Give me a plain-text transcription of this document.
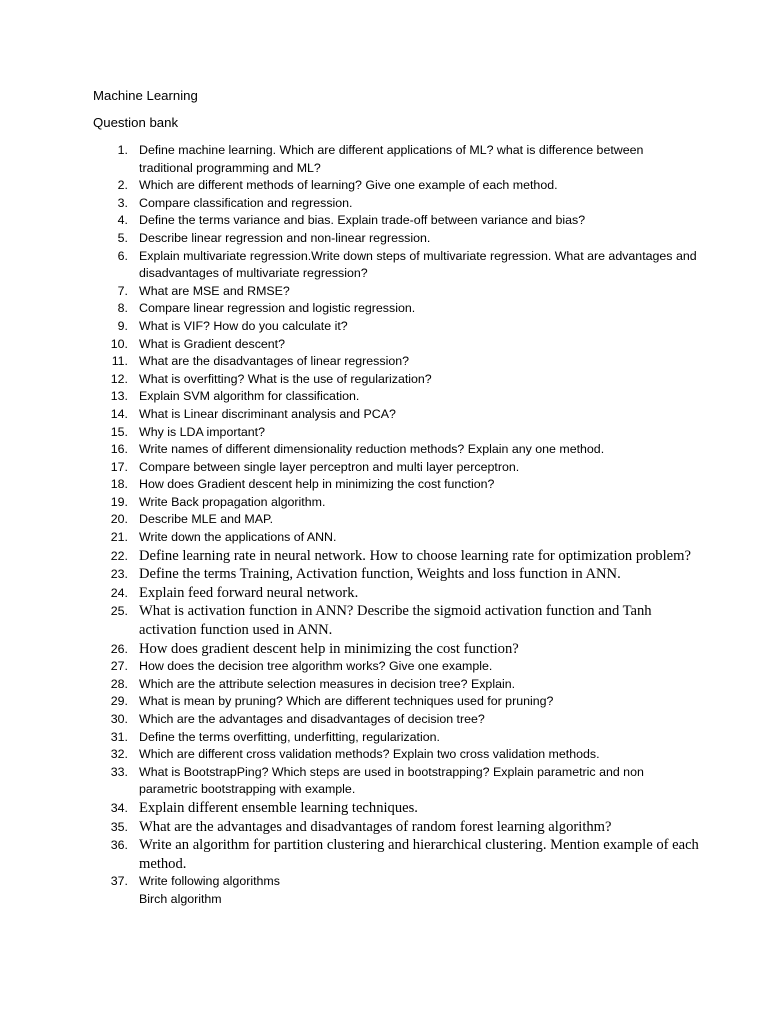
Machine Learning
Question bank
1. Define machine learning. Which are different applications of ML? what is difference between traditional programming and ML?
2. Which are different methods of learning? Give one example of each method.
3. Compare classification and regression.
4. Define the terms variance and bias. Explain trade-off between variance and bias?
5. Describe linear regression and non-linear regression.
6. Explain multivariate regression.Write down steps of multivariate regression. What are advantages and disadvantages of multivariate regression?
7. What are MSE and RMSE?
8. Compare linear regression and logistic regression.
9. What is VIF? How do you calculate it?
10. What is Gradient descent?
11. What are the disadvantages of linear regression?
12. What is overfitting? What is the use of regularization?
13. Explain SVM algorithm for classification.
14. What is Linear discriminant analysis and PCA?
15. Why is LDA important?
16. Write names of different dimensionality reduction methods? Explain any one method.
17. Compare between single layer perceptron and multi layer perceptron.
18. How does Gradient descent help in minimizing the cost function?
19. Write Back propagation algorithm.
20. Describe MLE and MAP.
21. Write down the applications of ANN.
22. Define learning rate in neural network. How to choose learning rate for optimization problem?
23. Define the terms Training, Activation function, Weights and loss function in ANN.
24. Explain feed forward neural network.
25. What is activation function in ANN? Describe the sigmoid activation function and Tanh activation function used in ANN.
26. How does gradient descent help in minimizing the cost function?
27. How does the decision tree algorithm works? Give one example.
28. Which are the attribute selection measures in decision tree? Explain.
29. What is mean by pruning? Which are different techniques used for pruning?
30. Which are the advantages and disadvantages of decision tree?
31. Define the terms overfitting, underfitting, regularization.
32. Which are different cross validation methods? Explain two cross validation methods.
33. What is BootstrapPing? Which steps are used in bootstrapping? Explain parametric and non parametric bootstrapping with example.
34. Explain different ensemble learning techniques.
35. What are the advantages and disadvantages of random forest learning algorithm?
36. Write an algorithm for partition clustering and hierarchical clustering. Mention example of each method.
37. Write following algorithms
Birch algorithm
